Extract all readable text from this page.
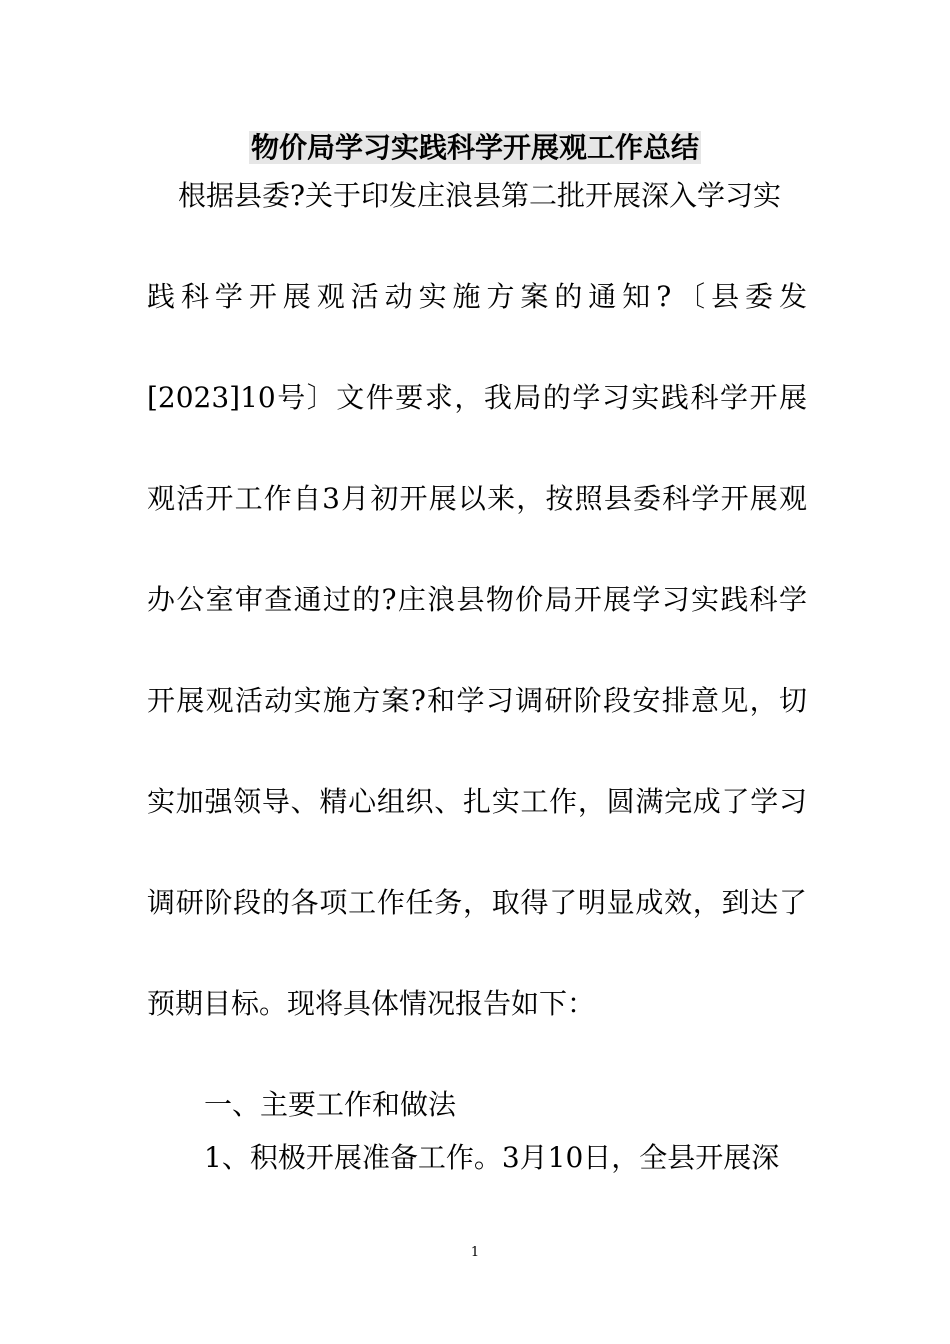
物价局学习实践科学开展观工作总结

根据县委?关于印发庄浪县第二批开展深入学习实

践科学开展观活动实施方案的通知?〔县委发

[2023]10号〕文件要求，我局的学习实践科学开展

观活开工作自3月初开展以来，按照县委科学开展观

办公室审查通过的?庄浪县物价局开展学习实践科学

开展观活动实施方案?和学习调研阶段安排意见，切

实加强领导、精心组织、扎实工作，圆满完成了学习

调研阶段的各项工作任务，取得了明显成效，到达了

预期目标。现将具体情况报告如下：

一、主要工作和做法

1、积极开展准备工作。3月10日，全县开展深

1
